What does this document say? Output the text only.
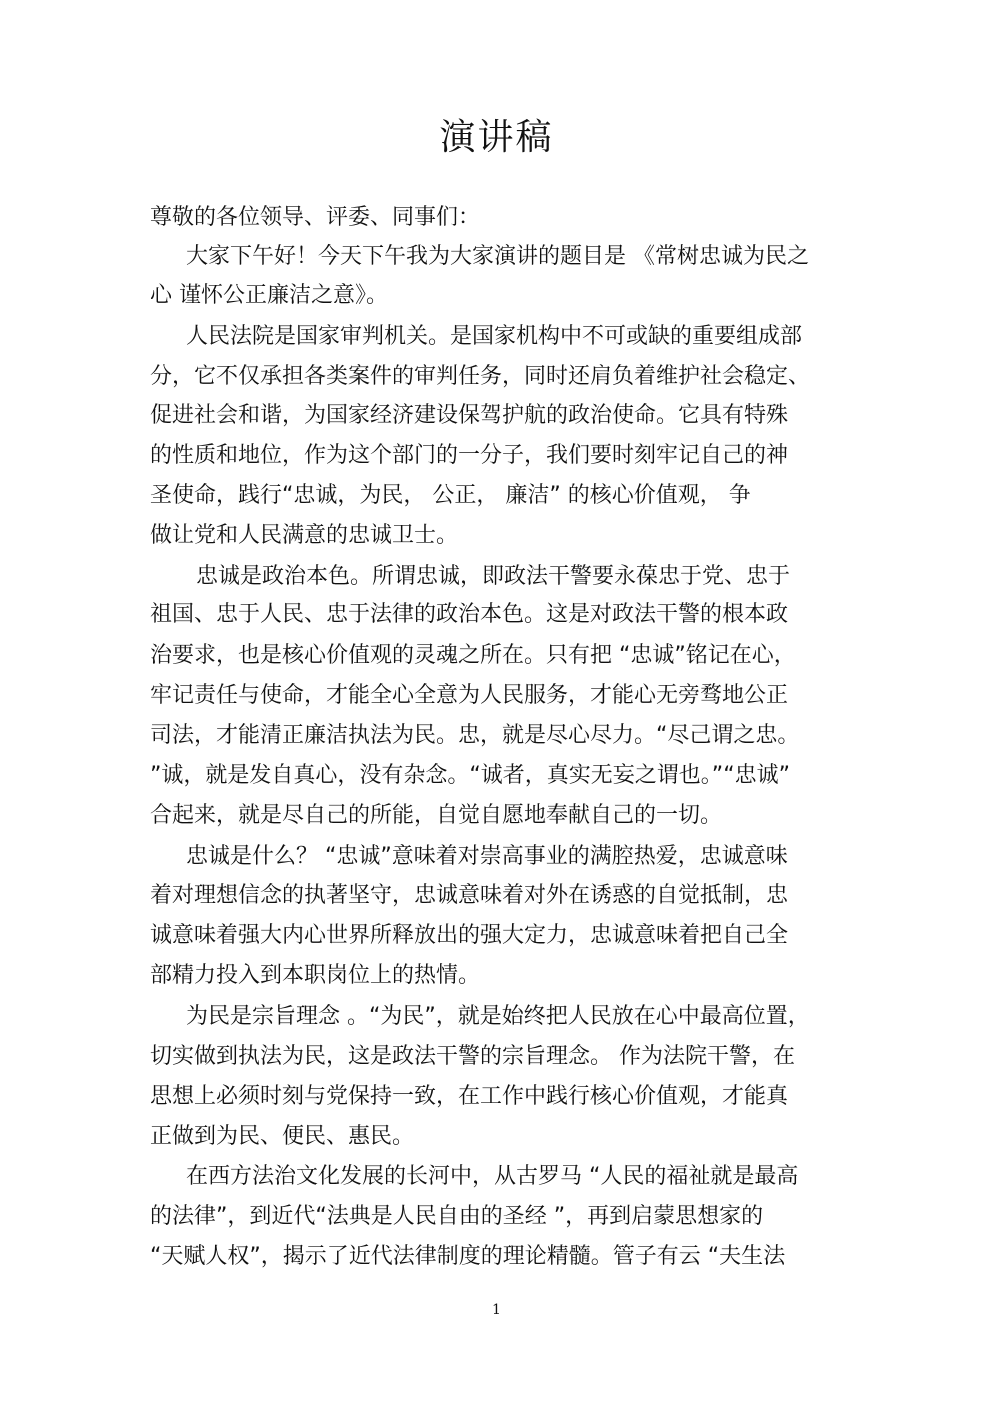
演讲稿
尊敬的各位领导、评委、同事们：
大家下午好！今天下午我为大家演讲的题目是 《常树忠诚为民之
心 谨怀公正廉洁之意》。
人民法院是国家审判机关。是国家机构中不可或缺的重要组成部
分，它不仅承担各类案件的审判任务，同时还肩负着维护社会稳定、
促进社会和谐，为国家经济建设保驾护航的政治使命。它具有特殊
的性质和地位，作为这个部门的一分子，我们要时刻牢记自己的神
圣使命，践行“忠诚，为民， 公正， 廉洁” 的核心价值观， 争
做让党和人民满意的忠诚卫士。
忠诚是政治本色。所谓忠诚，即政法干警要永葆忠于党、忠于
祖国、忠于人民、忠于法律的政治本色。这是对政法干警的根本政
治要求，也是核心价值观的灵魂之所在。只有把 “忠诚”铭记在心，
牢记责任与使命，才能全心全意为人民服务，才能心无旁骛地公正
司法，才能清正廉洁执法为民。忠，就是尽心尽力。“尽己谓之忠。
”诚，就是发自真心，没有杂念。“诚者，真实无妄之谓也。”“忠诚”
合起来，就是尽自己的所能，自觉自愿地奉献自己的一切。
忠诚是什么？ “忠诚”意味着对崇高事业的满腔热爱，忠诚意味
着对理想信念的执著坚守，忠诚意味着对外在诱惑的自觉抵制，忠
诚意味着强大内心世界所释放出的强大定力，忠诚意味着把自己全
部精力投入到本职岗位上的热情。
为民是宗旨理念 。“为民”，就是始终把人民放在心中最高位置，
切实做到执法为民，这是政法干警的宗旨理念。 作为法院干警，在
思想上必须时刻与党保持一致，在工作中践行核心价值观，才能真
正做到为民、便民、惠民。
在西方法治文化发展的长河中，从古罗马 “人民的福祉就是最高
的法律”，到近代“法典是人民自由的圣经 ”，再到启蒙思想家的
“天赋人权”，揭示了近代法律制度的理论精髓。管子有云 “夫生法
1
